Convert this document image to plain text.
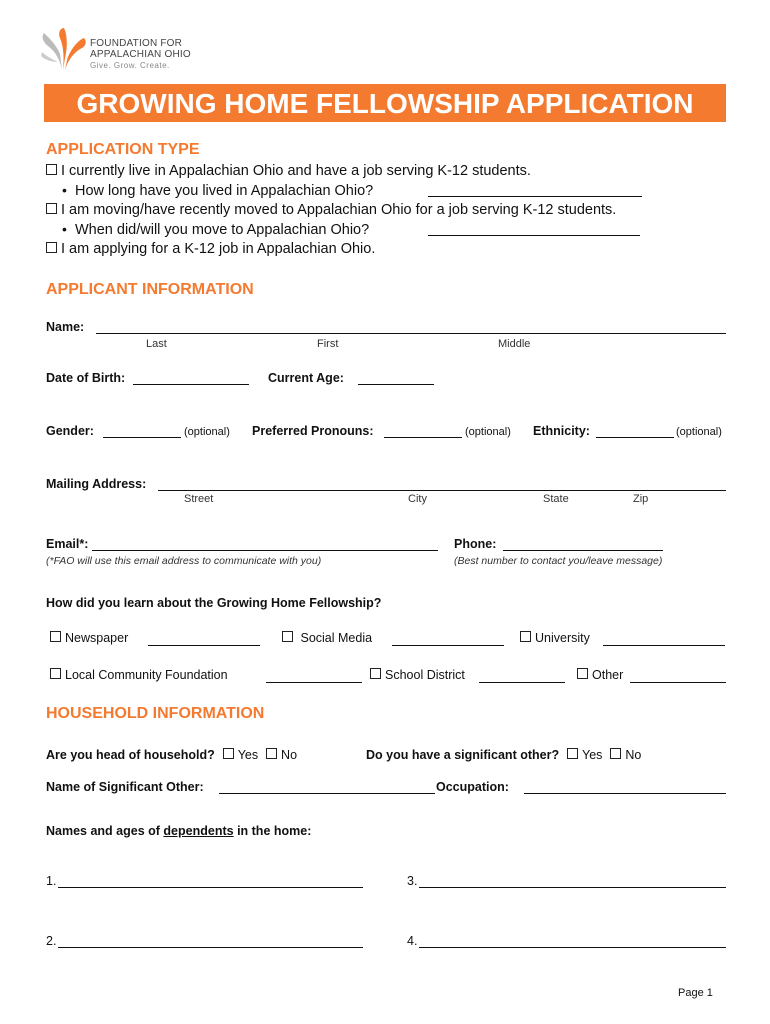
FOUNDATION FOR
APPALACHIAN OHIO
Give. Grow. Create.
GROWING HOME FELLOWSHIP APPLICATION
APPLICATION TYPE
I currently live in Appalachian Ohio and have a job serving K-12 students.
• How long have you lived in Appalachian Ohio?
I am moving/have recently moved to Appalachian Ohio for a job serving K-12 students.
• When did/will you move to Appalachian Ohio?
I am applying for a K-12 job in Appalachian Ohio.
APPLICANT INFORMATION
Name:
Last	First	Middle
Date of Birth:	Current Age:
Gender:	(optional) Preferred Pronouns:	(optional) Ethnicity:	(optional)
Mailing Address:
Street	City	State	Zip
Email*:
(*FAO will use this email address to communicate with you)
Phone:
(Best number to contact you/leave message)
How did you learn about the Growing Home Fellowship?
Newspaper	Social Media	University
Local Community Foundation	School District	Other
HOUSEHOLD INFORMATION
Are you head of household? Yes No	Do you have a significant other? Yes No
Name of Significant Other:	Occupation:
Names and ages of dependents in the home:
1.	3.
2.	4.
Page 1
